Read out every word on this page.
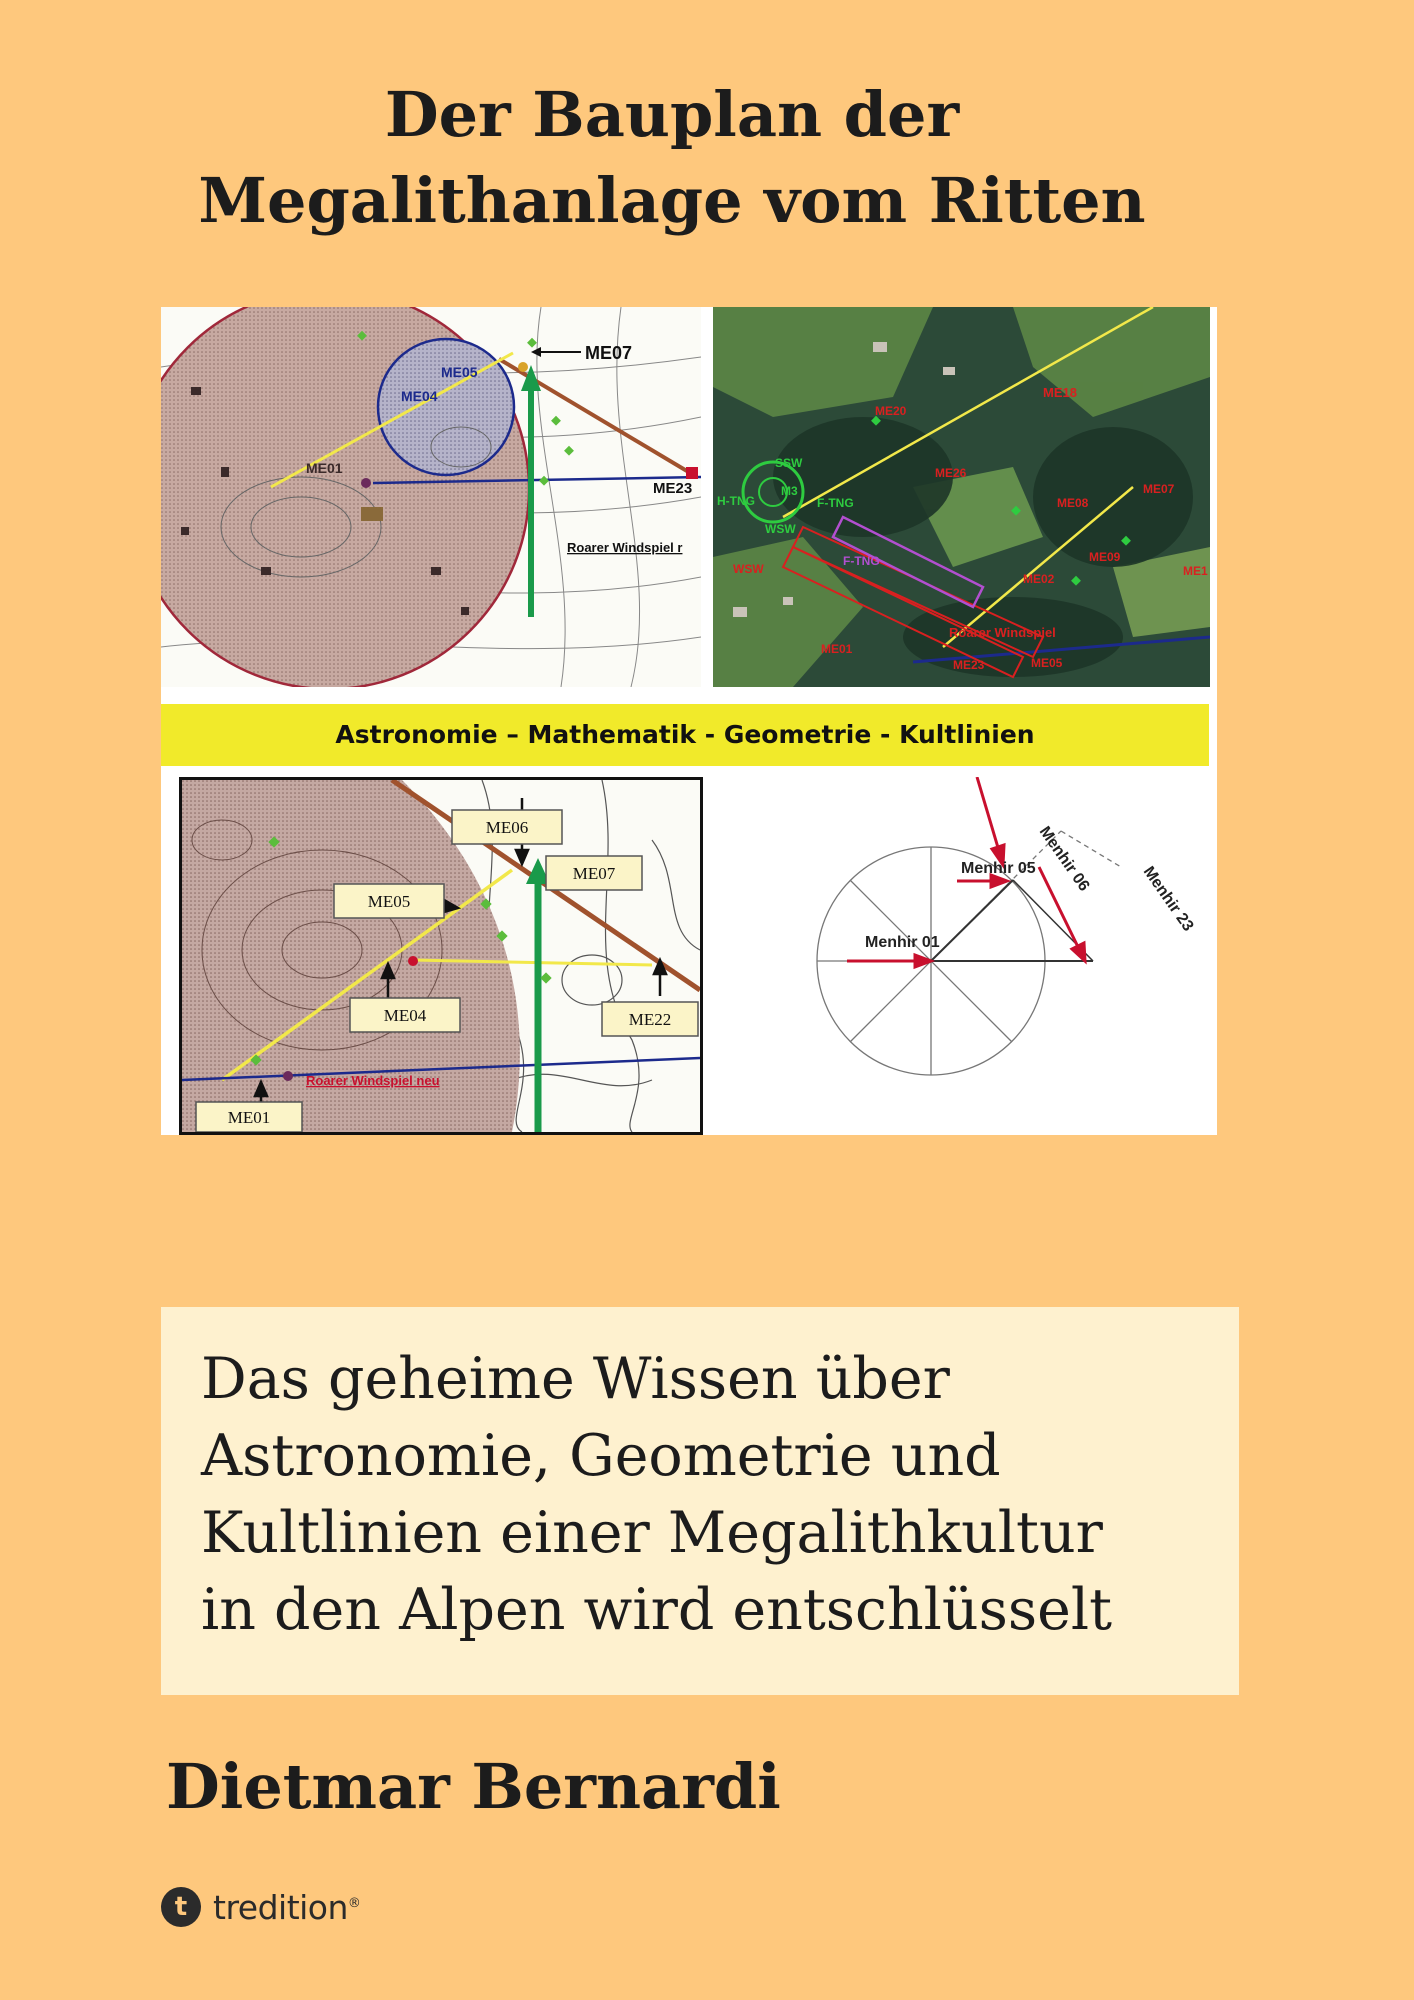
Der Bauplan der
Megalithanlage vom Ritten
ME07
ME05
ME04
ME01
ME23
Roarer Windspiel r
ME20
ME26
ME08
ME07
ME09
ME1
ME02
ME01
ME05
ME18
SSW
M3
H-TNG	F-TNG
WSW
WSW
F-TNG
Roarer Windspiel
ME23
Astronomie – Mathematik - Geometrie - Kultlinien
ME06
ME07
ME05
ME04	ME22
ME01
Roarer Windspiel neu
Menhir 06
Menhir 05
Menhir 01
Menhir 23

Das geheime Wissen über
Astronomie, Geometrie und
Kultlinien einer Megalithkultur
in den Alpen wird entschlüsselt

Dietmar Bernardi
t tredition®
